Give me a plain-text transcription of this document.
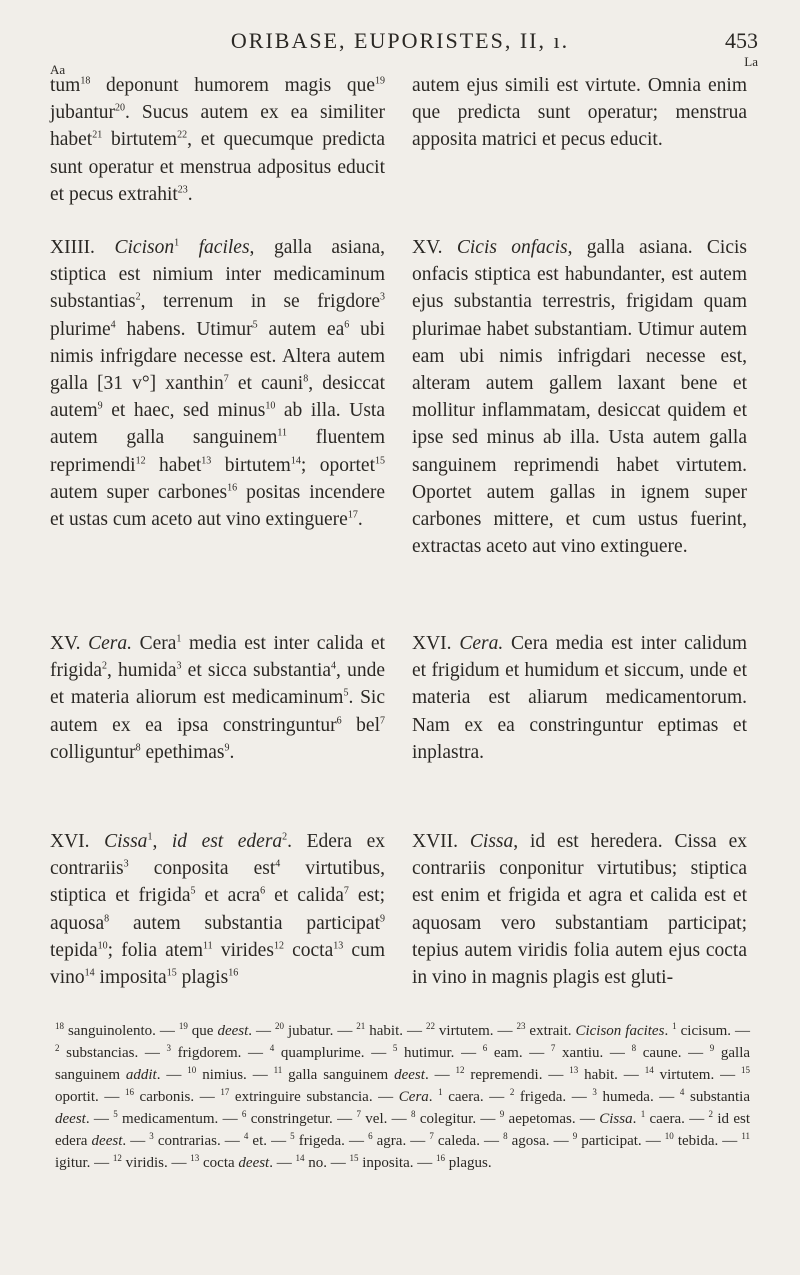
ORIBASE, EUPORISTES, II, ı.	453
Aa
La

tum$^{18}$ deponunt humorem magis que$^{19}$ jubantur$^{20}$. Sucus autem ex ea similiter habet$^{21}$ birtutem$^{22}$, et quecumque predicta sunt operatur et menstrua adpositus educit et pecus extrahit$^{23}$.

XIIII. Cicison$^1$ faciles, galla asiana, stiptica est nimium inter medicaminum substantias$^2$, terrenum in se frigdore$^3$ plurime$^4$ habens. Utimur$^5$ autem $ea^6$ ubi nimis infrigdare necesse est. Altera autem galla [31 v°] xanthin$^7$ et cauni$^8$, desiccat autem$^9$ et haec, sed minus$^{10}$ ab illa. Usta autem galla sanguinem$^{11}$ fluentem reprimendi$^{12}$ habet$^{13}$ birtutem$^{14}$; oportet$^{15}$ autem super carbones$^{16}$ positas incendere et ustas cum aceto aut vino extinguere$^{17}$.

XV. Cera. Cera$^1$ media est inter calida et frigida$^2$, humida$^3$ et sicca substantia$^4$, unde et materia aliorum est medicaminum$^5$. Sic autem ex ea ipsa constringuntur$^6$ bel$^7$ colliguntur$^8$ epethimas$^9$.

XVI. Cissa$^1$, id est edera$^2$. Edera ex contrariis$^3$ conposita est$^4$ virtutibus, stiptica et frigida$^5$ et acra$^6$ et calida$^7$ est; aquosa$^8$ autem substantia participat$^9$ tepida$^{10}$; folia atem$^{11}$ virides$^{12}$ cocta$^{13}$ cum vino$^{14}$ imposita$^{15}$ plagis$^{16}$

autem ejus simili est virtute. Omnia enim que predicta sunt operatur; menstrua apposita matrici et pecus educit.

XV. Cicis onfacis, galla asiana. Cicis onfacis stiptica est habundanter, est autem ejus substantia terrestris, frigidam quam plurimae habet substantiam. Utimur autem eam ubi nimis infrigdari necesse est, alteram autem gallem laxant bene et mollitur inflammatam, desiccat quidem et ipse sed minus ab illa. Usta autem galla sanguinem reprimendi habet virtutem. Oportet autem gallas in ignem super carbones mittere, et cum ustus fuerint, extractas aceto aut vino extinguere.

XVI. Cera. Cera media est inter calidum et frigidum et humidum et siccum, unde et materia est aliarum medicamentorum. Nam ex ea constringuntur eptimas et inplastra.

XVII. Cissa, id est heredera. Cissa ex contrariis conponitur virtutibus; stiptica est enim et frigida et agra et calida est et aquosam vero substantiam participat; tepius autem viridis folia autem ejus cocta in vino in magnis plagis est gluti-

$^{18}$ sanguinolento. — $^{19}$ que deest. — $^{20}$ jubatur. — $^{21}$ habit. — $^{22}$ virtutem. — $^{23}$ extrait. Cicison facites. $^1$ cicisum. — $^2$ substancias. — $^3$ frigdorem. — $^4$ quamplurime. — $^5$ hutimur. — $^6$ eam. — $^7$ xantiu. — $^8$ caune. — $^9$ galla sanguinem addit. — $^{10}$ nimius. — $^{11}$ galla sanguinem deest. — $^{12}$ repremendi. — $^{13}$ habit. — $^{14}$ virtutem. — $^{15}$ oportit. — $^{16}$ carbonis. — $^{17}$ extringuire substancia. — Cera. $^1$ caera. — $^2$ frigeda. — $^3$ humeda. — $^4$ substantia deest. — $^5$ medicamentum. — $^6$ constringetur. — $^7$ vel. — $^8$ colegitur. — $^9$ aepetomas. — Cissa. $^1$ caera. — $^2$ id est edera deest. — $^3$ contrarias. — $^4$ et. — $^5$ frigeda. — $^6$ agra. — $^7$ caleda. — $^8$ agosa. — $^9$ participat. — $^{10}$ tebida. — $^{11}$ igitur. — $^{12}$ viridis. — $^{13}$ cocta deest. — $^{14}$ no. — $^{15}$ inposita. — $^{16}$ plagus.
